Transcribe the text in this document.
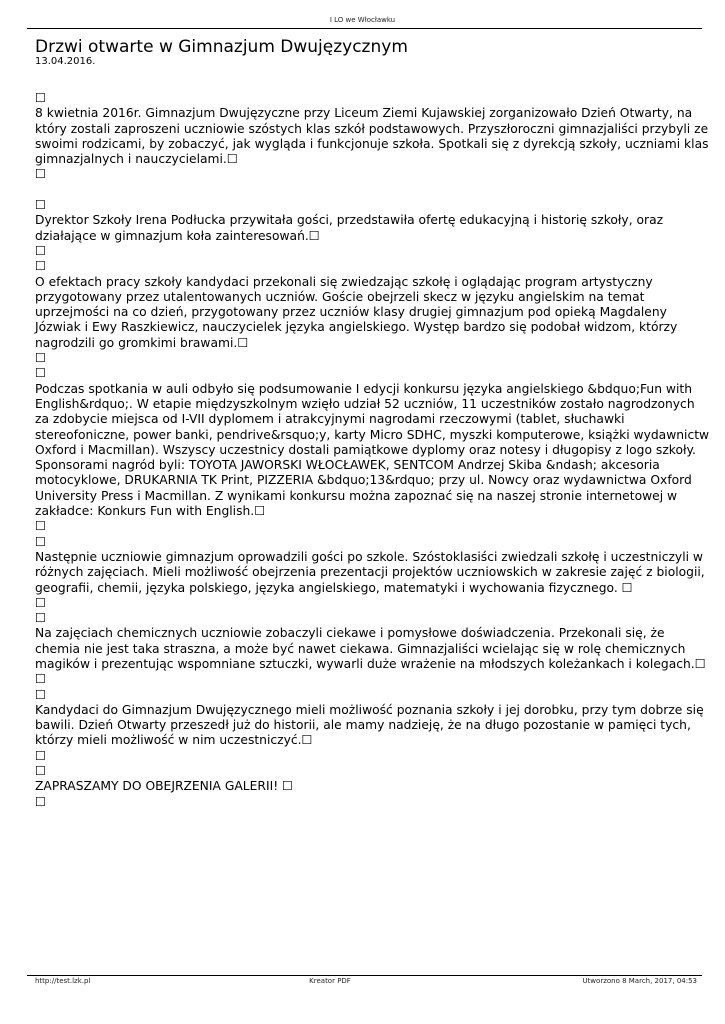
I LO we Włocławku
Drzwi otwarte w Gimnazjum Dwujęzycznym
13.04.2016.

☐

8 kwietnia 2016r. Gimnazjum Dwujęzyczne przy Liceum Ziemi Kujawskiej zorganizowało Dzień Otwarty, na który zostali zaproszeni uczniowie szóstych klas szkół podstawowych. Przyszłoroczni gimnazjaliści przybyli ze swoimi rodzicami, by zobaczyć, jak wygląda i funkcjonuje szkoła. Spotkali się z dyrekcją szkoły, uczniami klas gimnazjalnych i nauczycielami.☐

☐

☐

Dyrektor Szkoły Irena Podłucka przywitała gości, przedstawiła ofertę edukacyjną i historię szkoły, oraz działające w gimnazjum koła zainteresowań.☐

☐

☐

O efektach pracy szkoły kandydaci przekonali się zwiedzając szkołę i oglądając program artystyczny przygotowany przez utalentowanych uczniów. Goście obejrzeli skecz w języku angielskim na temat uprzejmości na co dzień, przygotowany przez uczniów klasy drugiej gimnazjum pod opieką Magdaleny Józwiak i Ewy Raszkiewicz, nauczycielek języka angielskiego. Występ bardzo się podobał widzom, którzy nagrodzili go gromkimi brawami.☐

☐

☐

Podczas spotkania w auli odbyło się podsumowanie I edycji konkursu języka angielskiego &bdquo;Fun with English&rdquo;. W etapie międzyszkolnym wzięło udział 52 uczniów, 11 uczestników zostało nagrodzonych za zdobycie miejsca od I-VII dyplomem i atrakcyjnymi nagrodami rzeczowymi (tablet, słuchawki stereofoniczne, power banki, pendrive&rsquo;y, karty Micro SDHC, myszki komputerowe, książki wydawnictw Oxford i Macmillan). Wszyscy uczestnicy dostali pamiątkowe dyplomy oraz notesy i długopisy z logo szkoły. Sponsorami nagród byli: TOYOTA JAWORSKI WŁOCŁAWEK, SENTCOM Andrzej Skiba &ndash; akcesoria motocyklowe, DRUKARNIA TK Print, PIZZERIA &bdquo;13&rdquo; przy ul. Nowcy oraz wydawnictwa Oxford University Press i Macmillan. Z wynikami konkursu można zapoznać się na naszej stronie internetowej w zakładce: Konkurs Fun with English.☐

☐

☐

Następnie uczniowie gimnazjum oprowadzili gości po szkole. Szóstoklasiści zwiedzali szkołę i uczestniczyli w różnych zajęciach. Mieli możliwość obejrzenia prezentacji projektów uczniowskich w zakresie zajęć z biologii, geografii, chemii, języka polskiego, języka angielskiego, matematyki i wychowania fizycznego. ☐

☐

☐

Na zajęciach chemicznych uczniowie zobaczyli ciekawe i pomysłowe doświadczenia. Przekonali się, że chemia nie jest taka straszna, a może być nawet ciekawa. Gimnazjaliści wcielając się w rolę chemicznych magików i prezentując wspomniane sztuczki, wywarli duże wrażenie na młodszych koleżankach i kolegach.☐

☐

☐

Kandydaci do Gimnazjum Dwujęzycznego mieli możliwość poznania szkoły i jej dorobku, przy tym dobrze się bawili. Dzień Otwarty przeszedł już do historii, ale mamy nadzieję, że na długo pozostanie w pamięci tych, którzy mieli możliwość w nim uczestniczyć.☐

☐

☐

ZAPRASZAMY DO OBEJRZENIA GALERII! ☐

☐

http://test.lzk.pl	Kreator PDF	Utworzono 8 March, 2017, 04:53
